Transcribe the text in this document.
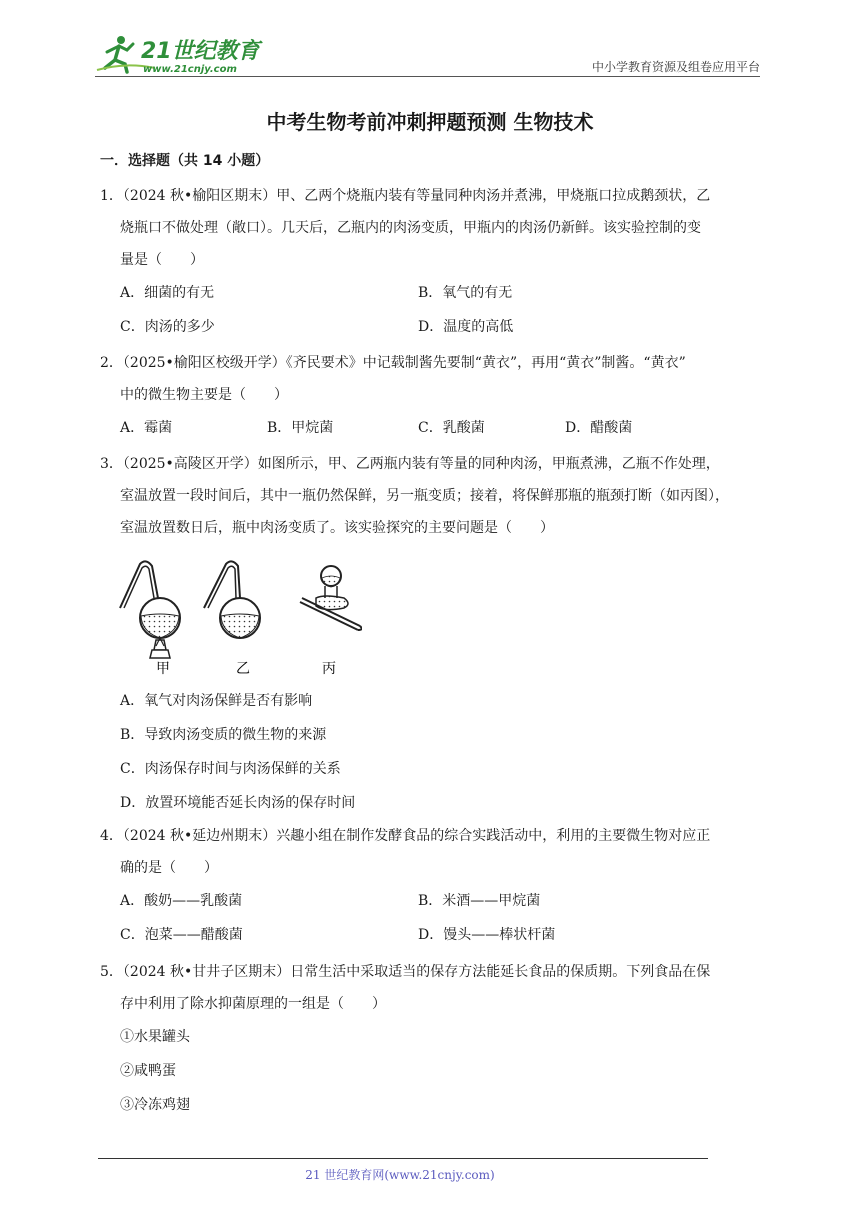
21世纪教育
www.21cnjy.com	中小学教育资源及组卷应用平台
中考生物考前冲刺押题预测 生物技术
一．选择题（共 14 小题）
1．（2024 秋•榆阳区期末）甲、乙两个烧瓶内装有等量同种肉汤并煮沸，甲烧瓶口拉成鹅颈状，乙
烧瓶口不做处理（敞口）。几天后，乙瓶内的肉汤变质，甲瓶内的肉汤仍新鲜。该实验控制的变
量是（　　）
A．细菌的有无	B．氧气的有无
C．肉汤的多少	D．温度的高低
2．（2025•榆阳区校级开学）《齐民要术》中记载制酱先要制“黄衣”，再用“黄衣”制酱。“黄衣”
中的微生物主要是（　　）
A．霉菌	B．甲烷菌	C．乳酸菌	D．醋酸菌
3．（2025•高陵区开学）如图所示，甲、乙两瓶内装有等量的同种肉汤，甲瓶煮沸，乙瓶不作处理，
室温放置一段时间后，其中一瓶仍然保鲜，另一瓶变质；接着，将保鲜那瓶的瓶颈打断（如丙图），
室温放置数日后，瓶中肉汤变质了。该实验探究的主要问题是（　　）
甲	乙	丙
A．氧气对肉汤保鲜是否有影响
B．导致肉汤变质的微生物的来源
C．肉汤保存时间与肉汤保鲜的关系
D．放置环境能否延长肉汤的保存时间
4．（2024 秋•延边州期末）兴趣小组在制作发酵食品的综合实践活动中，利用的主要微生物对应正
确的是（　　）
A．酸奶——乳酸菌	B．米酒——甲烷菌
C．泡菜——醋酸菌	D．馒头——棒状杆菌
5．（2024 秋•甘井子区期末）日常生活中采取适当的保存方法能延长食品的保质期。下列食品在保
存中利用了除水抑菌原理的一组是（　　）
①水果罐头
②咸鸭蛋
③冷冻鸡翅
21 世纪教育网(www.21cnjy.com)
